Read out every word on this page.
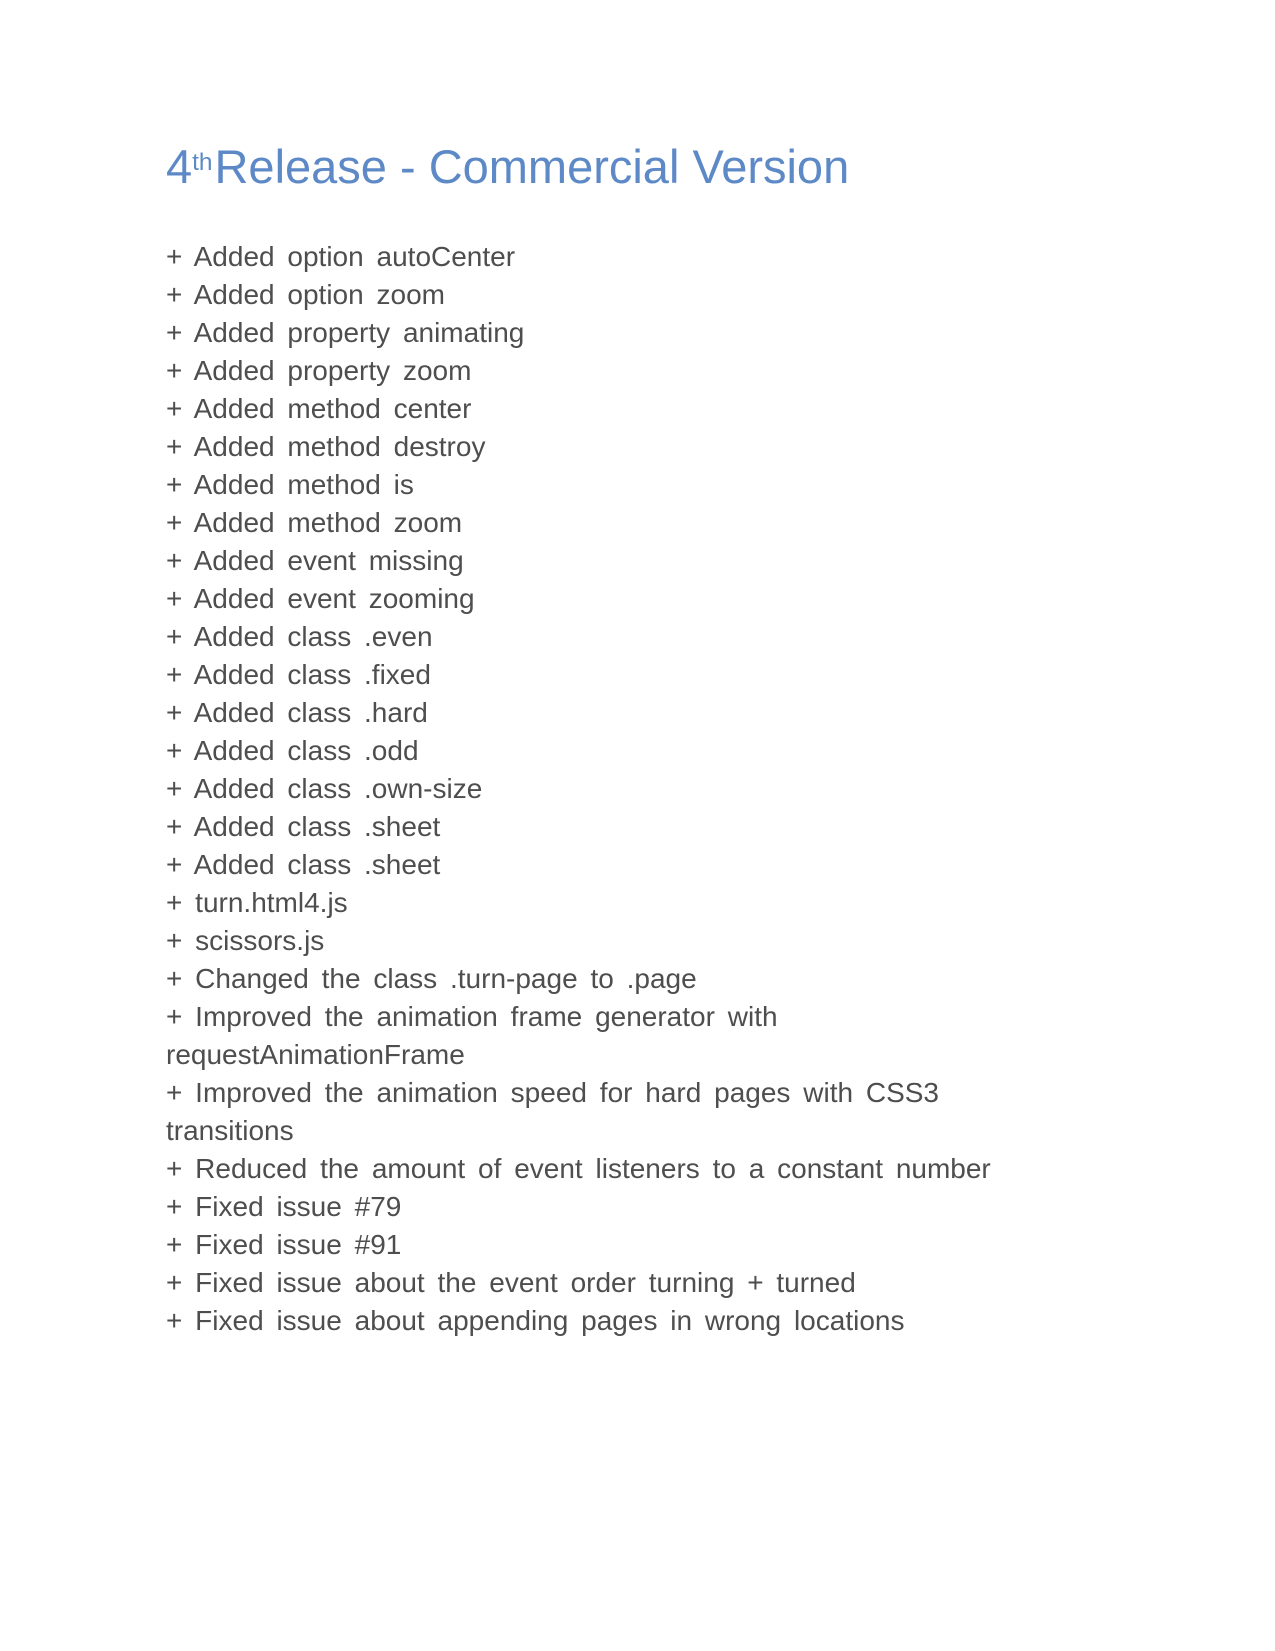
4thRelease - Commercial Version

+ Added option autoCenter

+ Added option zoom

+ Added property animating

+ Added property zoom

+ Added method center

+ Added method destroy

+ Added method is

+ Added method zoom

+ Added event missing

+ Added event zooming

+ Added class .even

+ Added class .fixed

+ Added class .hard

+ Added class .odd

+ Added class .own-size

+ Added class .sheet

+ Added class .sheet

+ turn.html4.js

+ scissors.js

+ Changed the class .turn-page to .page

+ Improved the animation frame generator with

requestAnimationFrame

+ Improved the animation speed for hard pages with CSS3

transitions

+ Reduced the amount of event listeners to a constant number

+ Fixed issue #79

+ Fixed issue #91

+ Fixed issue about the event order turning + turned

+ Fixed issue about appending pages in wrong locations
